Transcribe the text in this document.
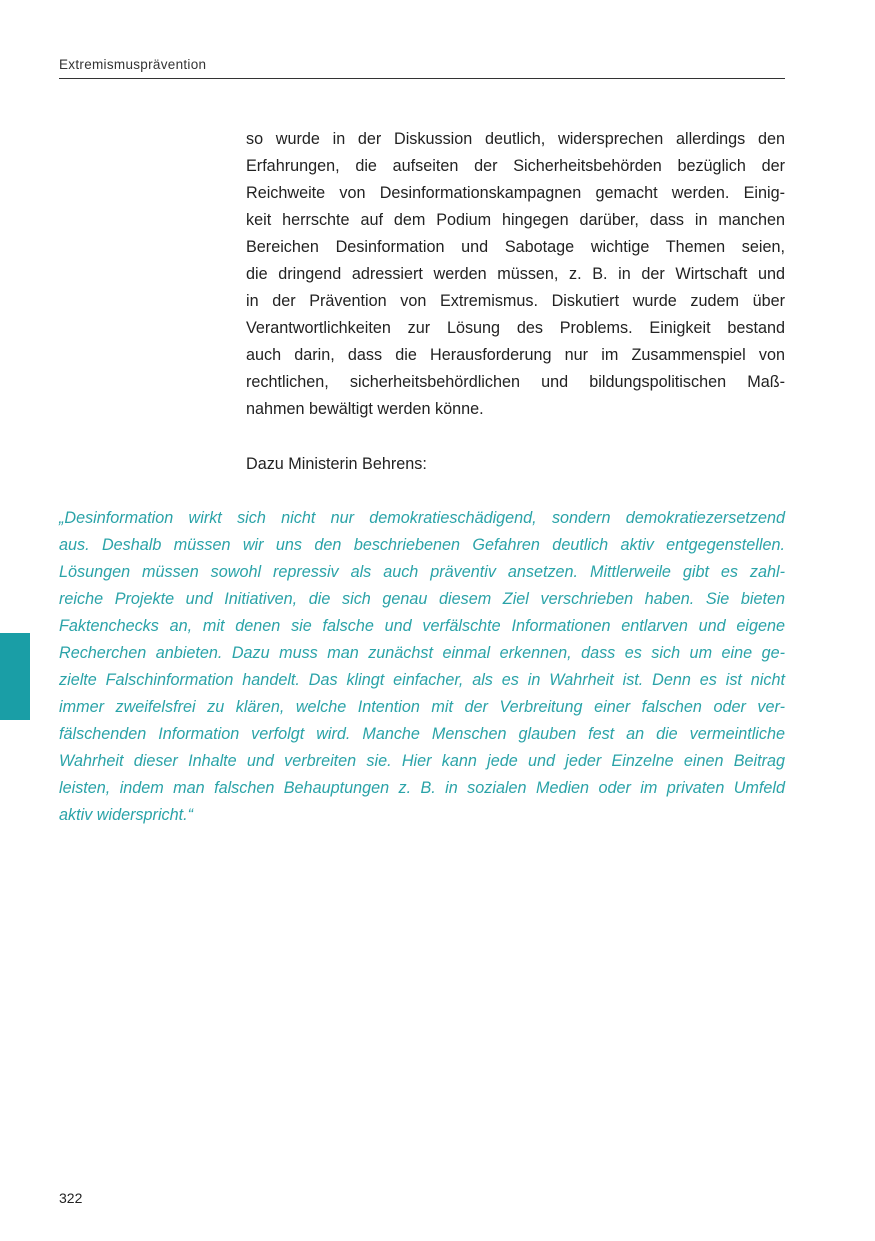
Extremismusprävention
so wurde in der Diskussion deutlich, widersprechen allerdings den
Erfahrungen, die aufseiten der Sicherheitsbehörden bezüglich der
Reichweite von Desinformationskampagnen gemacht werden. Einig-
keit herrschte auf dem Podium hingegen darüber, dass in manchen
Bereichen Desinformation und Sabotage wichtige Themen seien,
die dringend adressiert werden müssen, z. B. in der Wirtschaft und
in der Prävention von Extremismus. Diskutiert wurde zudem über
Verantwortlichkeiten zur Lösung des Problems. Einigkeit bestand
auch darin, dass die Herausforderung nur im Zusammenspiel von
rechtlichen, sicherheitsbehördlichen und bildungspolitischen Maß-
nahmen bewältigt werden könne.
Dazu Ministerin Behrens:
„Desinformation wirkt sich nicht nur demokratieschädigend, sondern demokratiezersetzend
aus. Deshalb müssen wir uns den beschriebenen Gefahren deutlich aktiv entgegenstellen.
Lösungen müssen sowohl repressiv als auch präventiv ansetzen. Mittlerweile gibt es zahl-
reiche Projekte und Initiativen, die sich genau diesem Ziel verschrieben haben. Sie bieten
Faktenchecks an, mit denen sie falsche und verfälschte Informationen entlarven und eigene
Recherchen anbieten. Dazu muss man zunächst einmal erkennen, dass es sich um eine ge-
zielte Falschinformation handelt. Das klingt einfacher, als es in Wahrheit ist. Denn es ist nicht
immer zweifelsfrei zu klären, welche Intention mit der Verbreitung einer falschen oder ver-
fälschenden Information verfolgt wird. Manche Menschen glauben fest an die vermeintliche
Wahrheit dieser Inhalte und verbreiten sie. Hier kann jede und jeder Einzelne einen Beitrag
leisten, indem man falschen Behauptungen z. B. in sozialen Medien oder im privaten Umfeld
aktiv widerspricht.“
322
